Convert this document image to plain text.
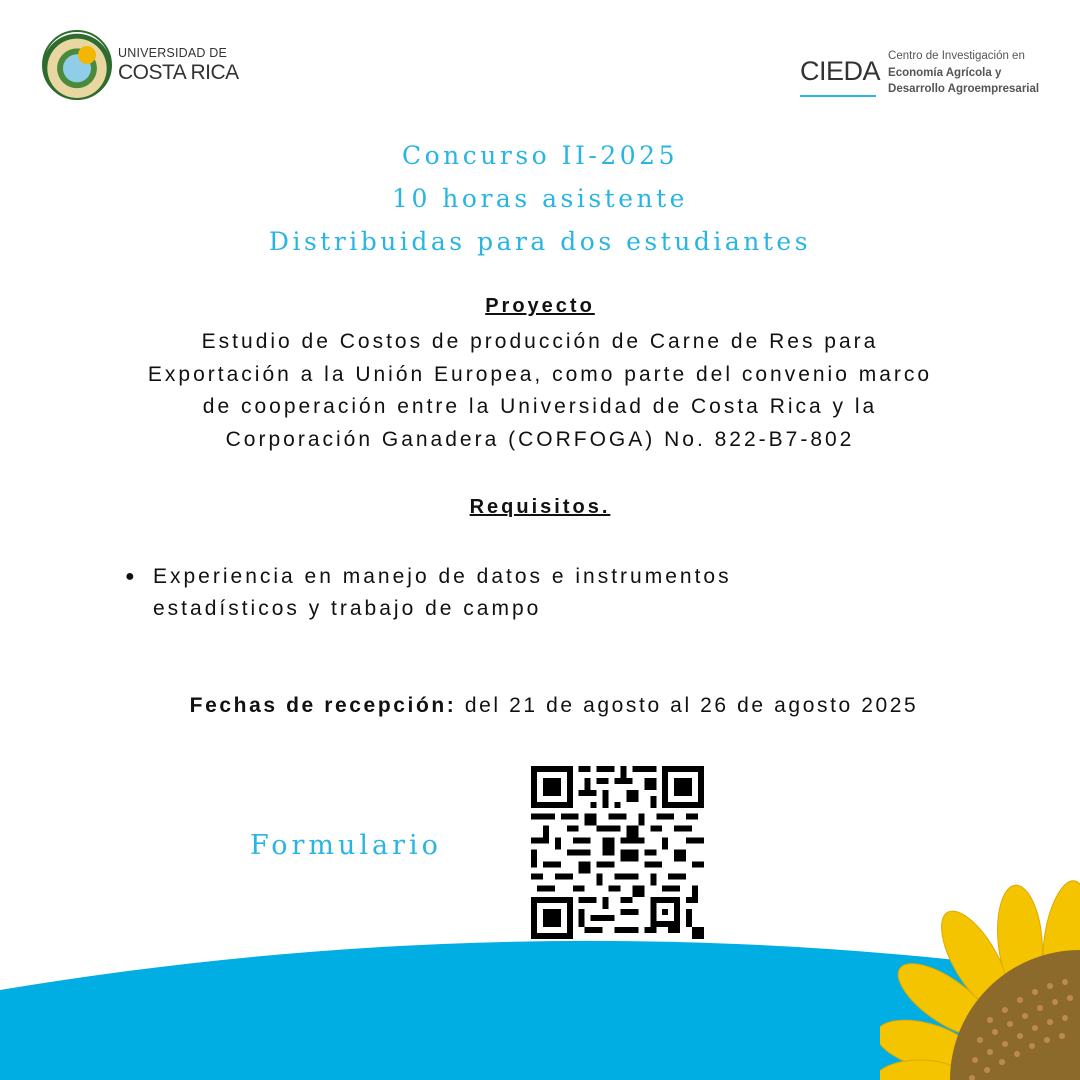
UNIVERSIDAD DE
COSTA RICA	CIEDA Centro de Investigación en
Economía Agrícola y
Desarrollo Agroempresarial
Concurso II-2025
10 horas asistente
Distribuidas para dos estudiantes
Proyecto
Estudio de Costos de producción de Carne de Res para
Exportación a la Unión Europea, como parte del convenio marco
de cooperación entre la Universidad de Costa Rica y la
Corporación Ganadera (CORFOGA) No. 822-B7-802
Requisitos.
● Experiencia en manejo de datos e instrumentos
estadísticos y trabajo de campo
Fechas de recepción: del 21 de agosto al 26 de agosto 2025
Formulario
